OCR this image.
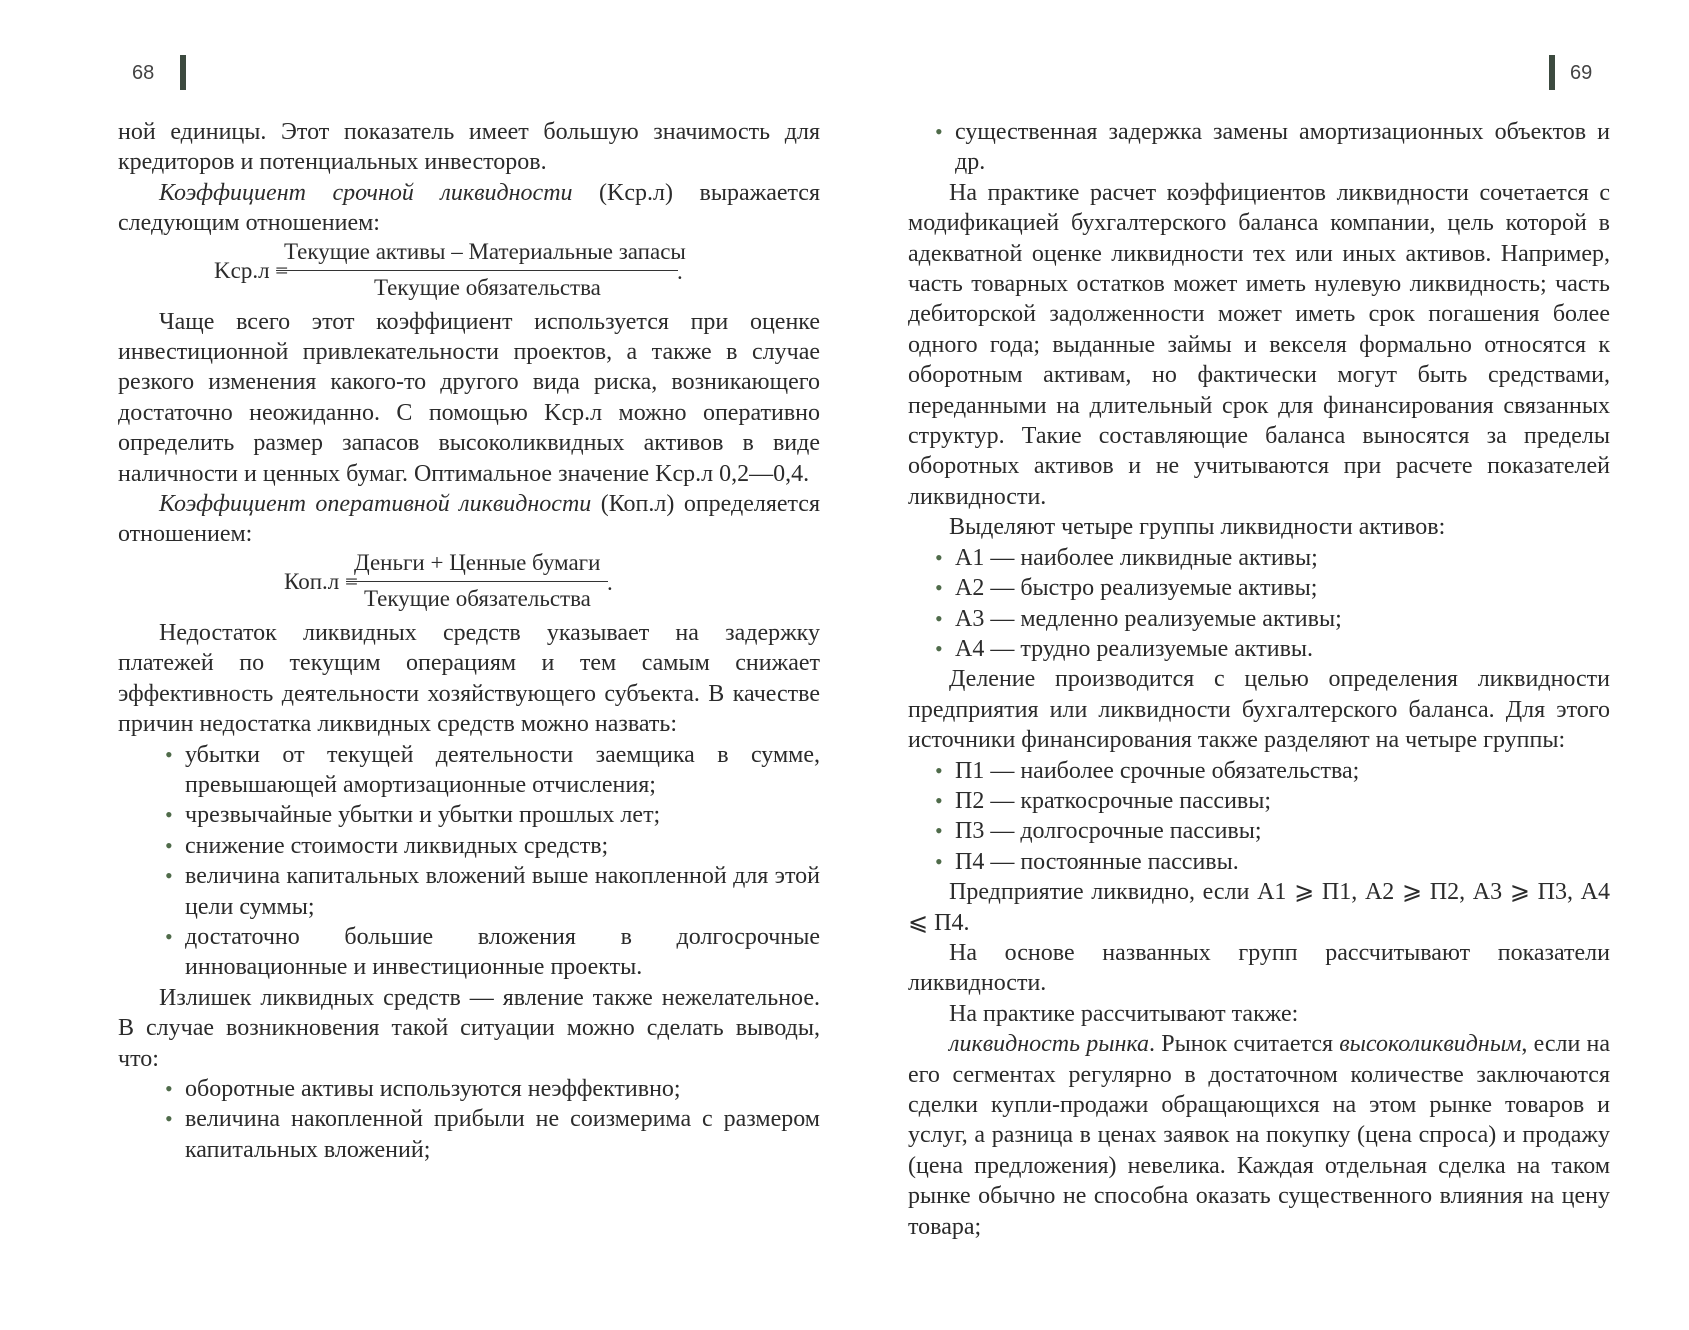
68

ной единицы. Этот показатель имеет большую значимость для кредиторов и потенциальных инвесторов.

Коэффициент срочной ликвидности (Kcp.л) выражается следующим отношением:

Kcp.л =
Текущие активы – Материальные запасы
Текущие обязательства
.

Чаще всего этот коэффициент используется при оценке инвестиционной привлекательности проектов, а также в случае резкого изменения какого-то другого вида риска, возникающего достаточно неожиданно. С помощью Kcp.л можно оперативно определить размер запасов высоколиквидных активов в виде наличности и ценных бумаг. Оптимальное значение Kcp.л 0,2—0,4.

Коэффициент оперативной ликвидности (Коп.л) определяется отношением:

Коп.л =
Деньги + Ценные бумаги
Текущие обязательства
.

Недостаток ликвидных средств указывает на задержку платежей по текущим операциям и тем самым снижает эффективность деятельности хозяйствующего субъекта. В качестве причин недостатка ликвидных средств можно назвать:

• убытки от текущей деятельности заемщика в сумме, превышающей амортизационные отчисления;
• чрезвычайные убытки и убытки прошлых лет;
• снижение стоимости ликвидных средств;
• величина капитальных вложений выше накопленной для этой цели суммы;
• достаточно большие вложения в долгосрочные инновационные и инвестиционные проекты.

Излишек ликвидных средств — явление также нежелательное. В случае возникновения такой ситуации можно сделать выводы, что:

• оборотные активы используются неэффективно;
• величина накопленной прибыли не соизмерима с размером капитальных вложений;
69
• существенная задержка замены амортизационных объектов и др.

На практике расчет коэффициентов ликвидности сочетается с модификацией бухгалтерского баланса компании, цель которой в адекватной оценке ликвидности тех или иных активов. Например, часть товарных остатков может иметь нулевую ликвидность; часть дебиторской задолженности может иметь срок погашения более одного года; выданные займы и векселя формально относятся к оборотным активам, но фактически могут быть средствами, переданными на длительный срок для финансирования связанных структур. Такие составляющие баланса выносятся за пределы оборотных активов и не учитываются при расчете показателей ликвидности.

Выделяют четыре группы ликвидности активов:

• A1 — наиболее ликвидные активы;
• A2 — быстро реализуемые активы;
• A3 — медленно реализуемые активы;
• A4 — трудно реализуемые активы.

Деление производится с целью определения ликвидности предприятия или ликвидности бухгалтерского баланса. Для этого источники финансирования также разделяют на четыре группы:

• П1 — наиболее срочные обязательства;
• П2 — краткосрочные пассивы;
• П3 — долгосрочные пассивы;
• П4 — постоянные пассивы.

Предприятие ликвидно, если A1 ⩾ П1, A2 ⩾ П2, A3 ⩾ П3, A4 ⩽ П4.

На основе названных групп рассчитывают показатели ликвидности.

На практике рассчитывают также:

ликвидность рынка. Рынок считается высоколиквидным, если на его сегментах регулярно в достаточном количестве заключаются сделки купли-продажи обращающихся на этом рынке товаров и услуг, а разница в ценах заявок на покупку (цена спроса) и продажу (цена предложения) невелика. Каждая отдельная сделка на таком рынке обычно не способна оказать существенного влияния на цену товара;
